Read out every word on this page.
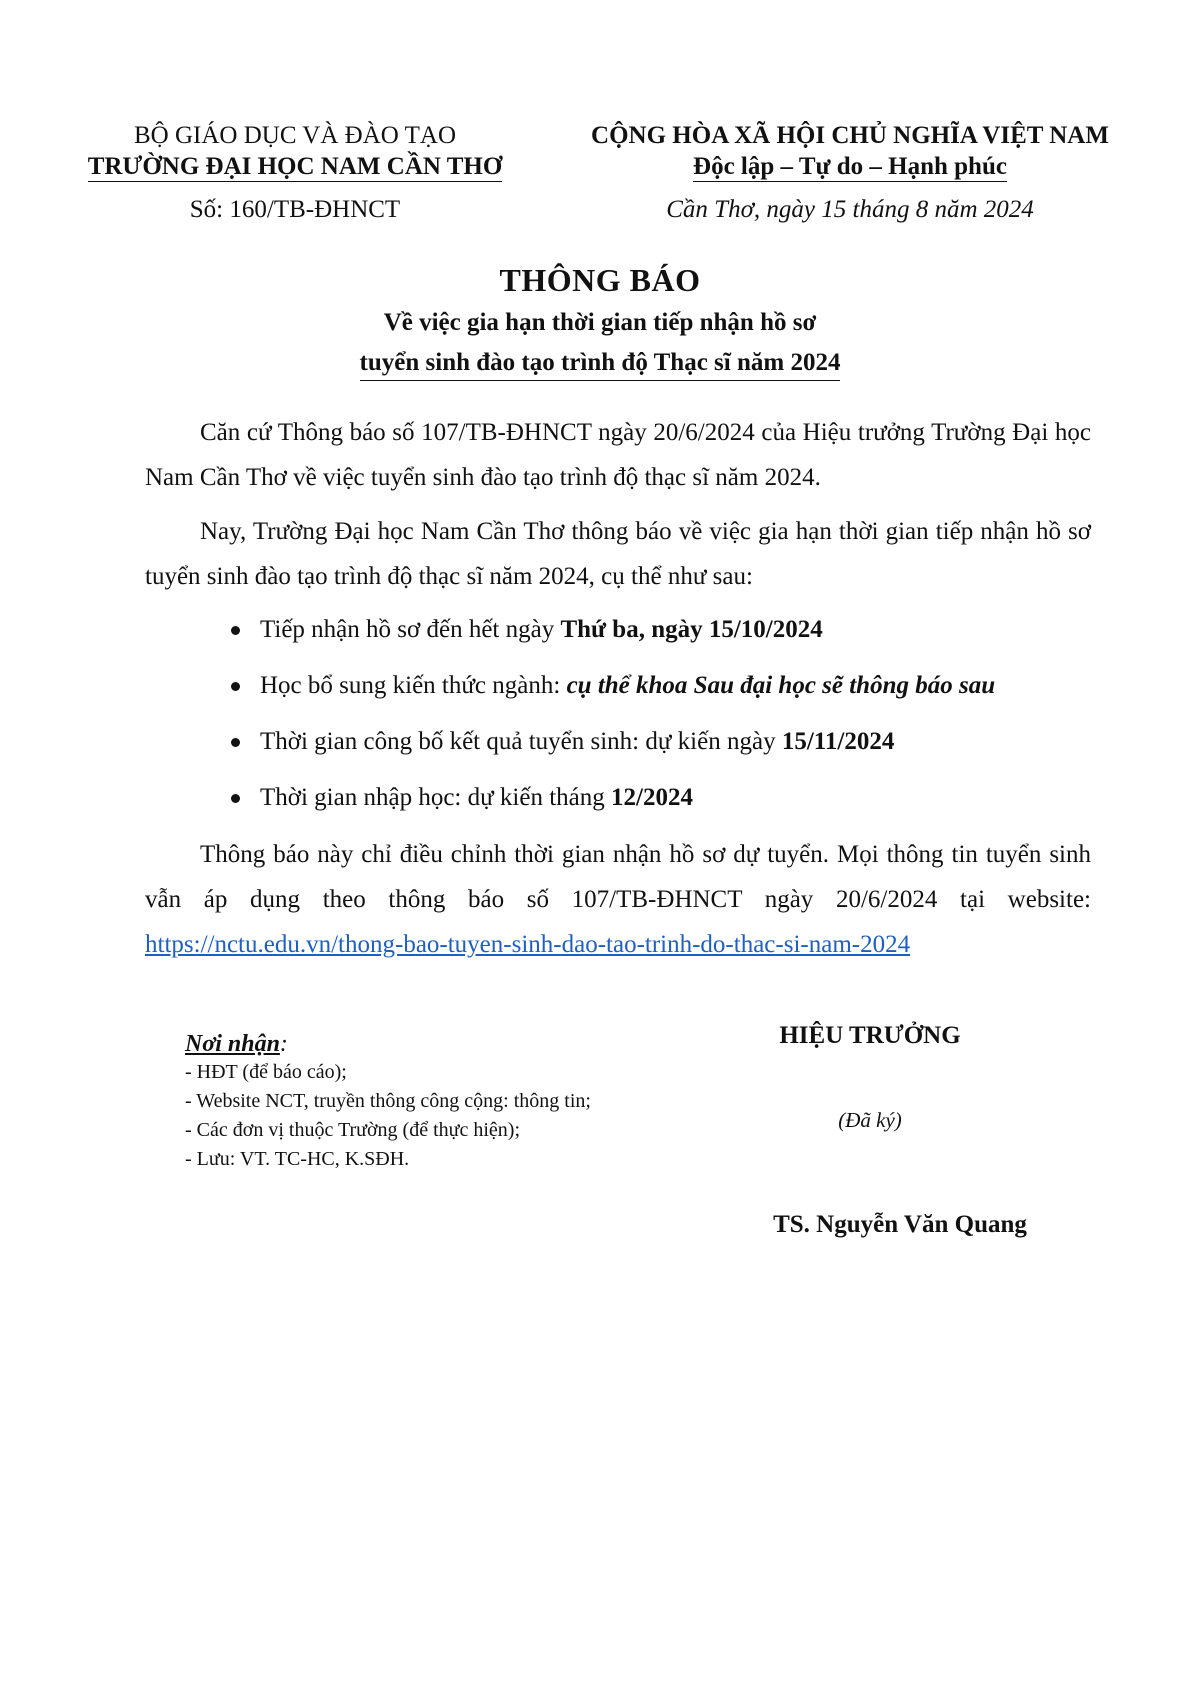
BỘ GIÁO DỤC VÀ ĐÀO TẠO
TRƯỜNG ĐẠI HỌC NAM CẦN THƠ
Số: 160/TB-ĐHNCT
CỘNG HÒA XÃ HỘI CHỦ NGHĨA VIỆT NAM
Độc lập – Tự do – Hạnh phúc
Cần Thơ, ngày 15 tháng 8 năm 2024
THÔNG BÁO
Về việc gia hạn thời gian tiếp nhận hồ sơ
tuyển sinh đào tạo trình độ Thạc sĩ năm 2024

Căn cứ Thông báo số 107/TB-ĐHNCT ngày 20/6/2024 của Hiệu trưởng Trường Đại học Nam Cần Thơ về việc tuyển sinh đào tạo trình độ thạc sĩ năm 2024.

Nay, Trường Đại học Nam Cần Thơ thông báo về việc gia hạn thời gian tiếp nhận hồ sơ tuyển sinh đào tạo trình độ thạc sĩ năm 2024, cụ thể như sau:

Tiếp nhận hồ sơ đến hết ngày Thứ ba, ngày 15/10/2024
Học bổ sung kiến thức ngành: cụ thể khoa Sau đại học sẽ thông báo sau
Thời gian công bố kết quả tuyển sinh: dự kiến ngày 15/11/2024
Thời gian nhập học: dự kiến tháng 12/2024

Thông báo này chỉ điều chỉnh thời gian nhận hồ sơ dự tuyển. Mọi thông tin tuyển sinh vẫn áp dụng theo thông báo số 107/TB-ĐHNCT ngày 20/6/2024 tại website: https://nctu.edu.vn/thong-bao-tuyen-sinh-dao-tao-trinh-do-thac-si-nam-2024

Nơi nhận:
- HĐT (để báo cáo);
- Website NCT, truyền thông công cộng: thông tin;
- Các đơn vị thuộc Trường (để thực hiện);
- Lưu: VT. TC-HC, K.SĐH.
HIỆU TRƯỞNG
(Đã ký)
TS. Nguyễn Văn Quang
